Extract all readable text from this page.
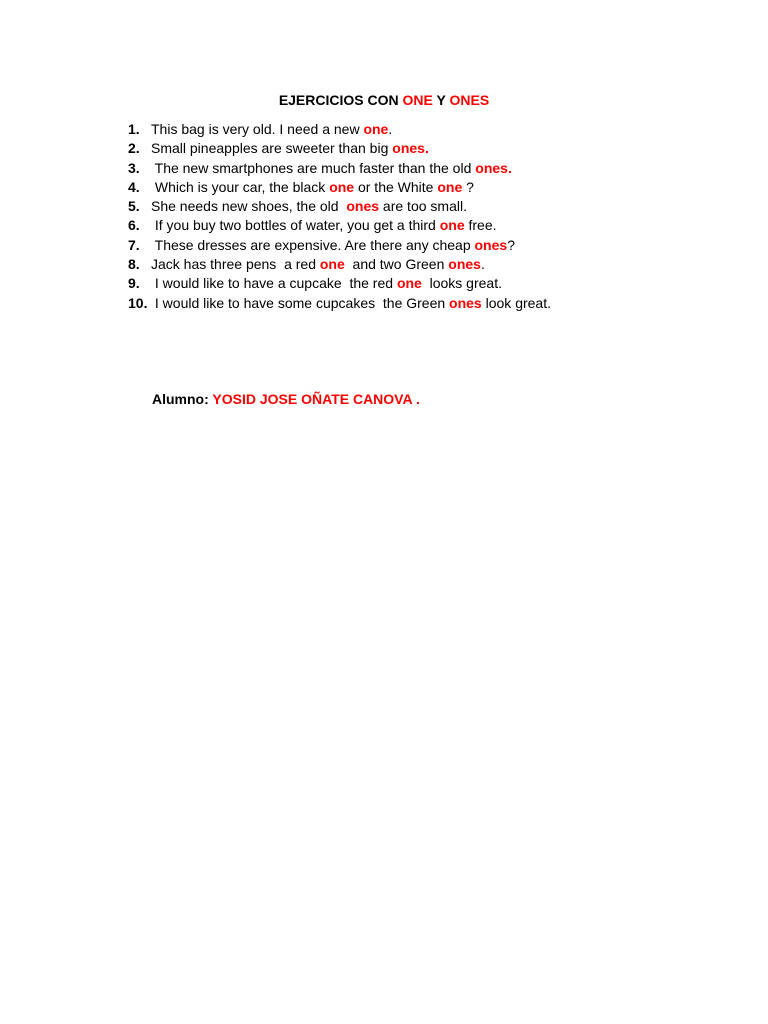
EJERCICIOS CON ONE Y ONES
1. This bag is very old. I need a new one.
2. Small pineapples are sweeter than big ones.
3. The new smartphones are much faster than the old ones.
4. Which is your car, the black one or the White one ?
5. She needs new shoes, the old  ones are too small.
6. If you buy two bottles of water, you get a third one free.
7. These dresses are expensive. Are there any cheap ones?
8. Jack has three pens  a red one  and two Green ones.
9. I would like to have a cupcake  the red one  looks great.
10. I would like to have some cupcakes  the Green ones look great.
Alumno: YOSID JOSE OÑATE CANOVA .
